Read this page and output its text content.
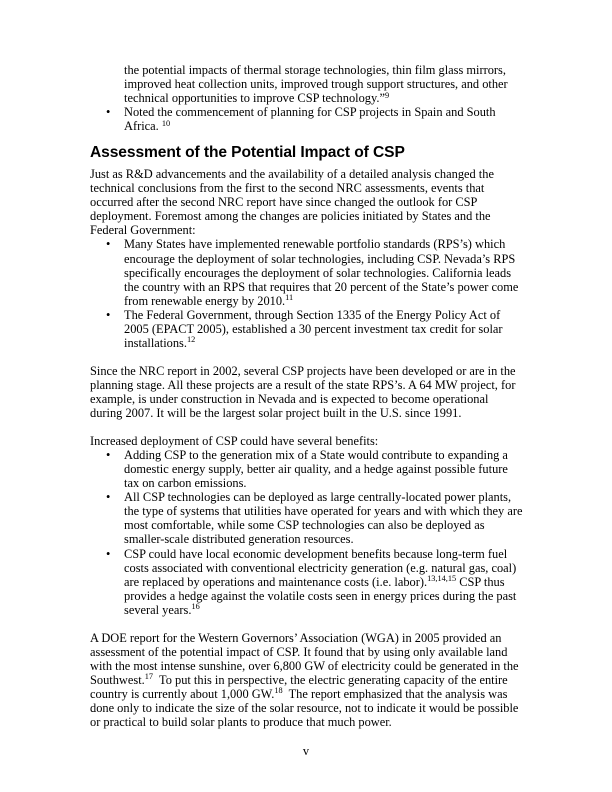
the potential impacts of thermal storage technologies, thin film glass mirrors, improved heat collection units, improved trough support structures, and other technical opportunities to improve CSP technology.”$^9$
• Noted the commencement of planning for CSP projects in Spain and South Africa. $^{10}$
Assessment of the Potential Impact of CSP
Just as R&D advancements and the availability of a detailed analysis changed the technical conclusions from the first to the second NRC assessments, events that occurred after the second NRC report have since changed the outlook for CSP deployment. Foremost among the changes are policies initiated by States and the Federal Government:
• Many States have implemented renewable portfolio standards (RPS’s) which encourage the deployment of solar technologies, including CSP. Nevada’s RPS specifically encourages the deployment of solar technologies. California leads the country with an RPS that requires that 20 percent of the State’s power come from renewable energy by 2010.11
• The Federal Government, through Section 1335 of the Energy Policy Act of 2005 (EPACT 2005), established a 30 percent investment tax credit for solar installations.$^{12}$
Since the NRC report in 2002, several CSP projects have been developed or are in the planning stage. All these projects are a result of the state RPS’s. A 64 MW project, for example, is under construction in Nevada and is expected to become operational during 2007. It will be the largest solar project built in the U.S. since 1991.
Increased deployment of CSP could have several benefits:
• Adding CSP to the generation mix of a State would contribute to expanding a domestic energy supply, better air quality, and a hedge against possible future tax on carbon emissions.
• All CSP technologies can be deployed as large centrally-located power plants, the type of systems that utilities have operated for years and with which they are most comfortable, while some CSP technologies can also be deployed as smaller-scale distributed generation resources.
• CSP could have local economic development benefits because long-term fuel costs associated with conventional electricity generation (e.g. natural gas, coal) are replaced by operations and maintenance costs (i.e. labor).$^{13,14,15}$ CSP thus provides a hedge against the volatile costs seen in energy prices during the past several years.$^{16}$
A DOE report for the Western Governors’ Association (WGA) in 2005 provided an assessment of the potential impact of CSP. It found that by using only available land with the most intense sunshine, over 6,800 GW of electricity could be generated in the Southwest.$^{17}$  To put this in perspective, the electric generating capacity of the entire country is currently about 1,000 GW.$^{18}$  The report emphasized that the analysis was done only to indicate the size of the solar resource, not to indicate it would be possible or practical to build solar plants to produce that much power.
v
